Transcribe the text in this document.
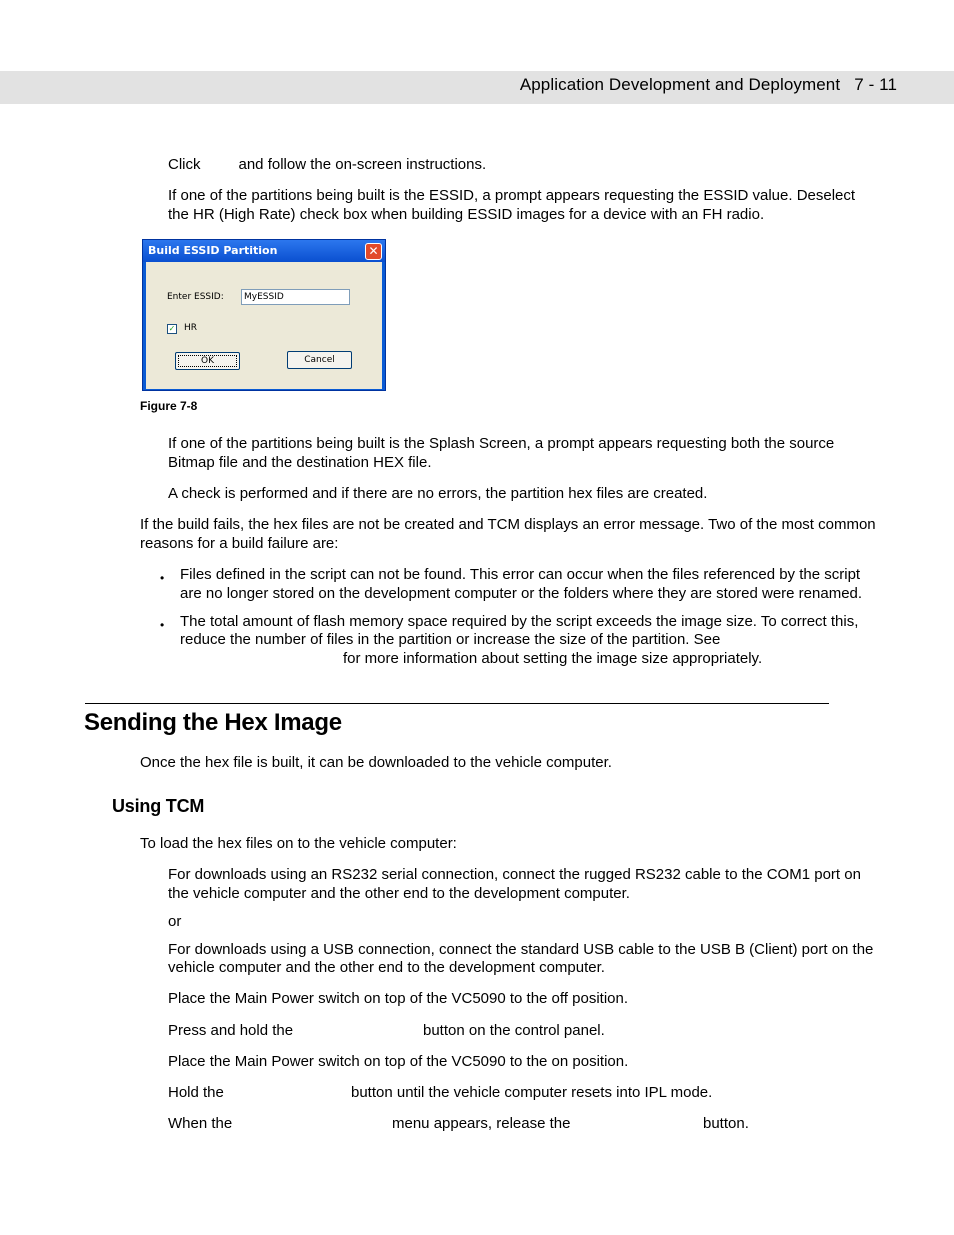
Application Development and Deployment 7 - 11
Click	and follow the on-screen instructions.
If one of the partitions being built is the ESSID, a prompt appears requesting the ESSID value. Deselect
the HR (High Rate) check box when building ESSID images for a device with an FH radio.
Build ESSID Partition	✕
Enter ESSID:	MyESSID
✓ HR
OK	Cancel
Figure 7-8
If one of the partitions being built is the Splash Screen, a prompt appears requesting both the source
Bitmap file and the destination HEX file.
A check is performed and if there are no errors, the partition hex files are created.
If the build fails, the hex files are not be created and TCM displays an error message. Two of the most common
reasons for a build failure are:
• Files defined in the script can not be found. This error can occur when the files referenced by the script
are no longer stored on the development computer or the folders where they are stored were renamed.
• The total amount of flash memory space required by the script exceeds the image size. To correct this,
reduce the number of files in the partition or increase the size of the partition. See
for more information about setting the image size appropriately.
Sending the Hex Image
Once the hex file is built, it can be downloaded to the vehicle computer.
Using TCM
To load the hex files on to the vehicle computer:
For downloads using an RS232 serial connection, connect the rugged RS232 cable to the COM1 port on
the vehicle computer and the other end to the development computer.
or
For downloads using a USB connection, connect the standard USB cable to the USB B (Client) port on the
vehicle computer and the other end to the development computer.
Place the Main Power switch on top of the VC5090 to the off position.
Press and hold the	button on the control panel.
Place the Main Power switch on top of the VC5090 to the on position.
Hold the	button until the vehicle computer resets into IPL mode.
When the	menu appears, release the	button.
